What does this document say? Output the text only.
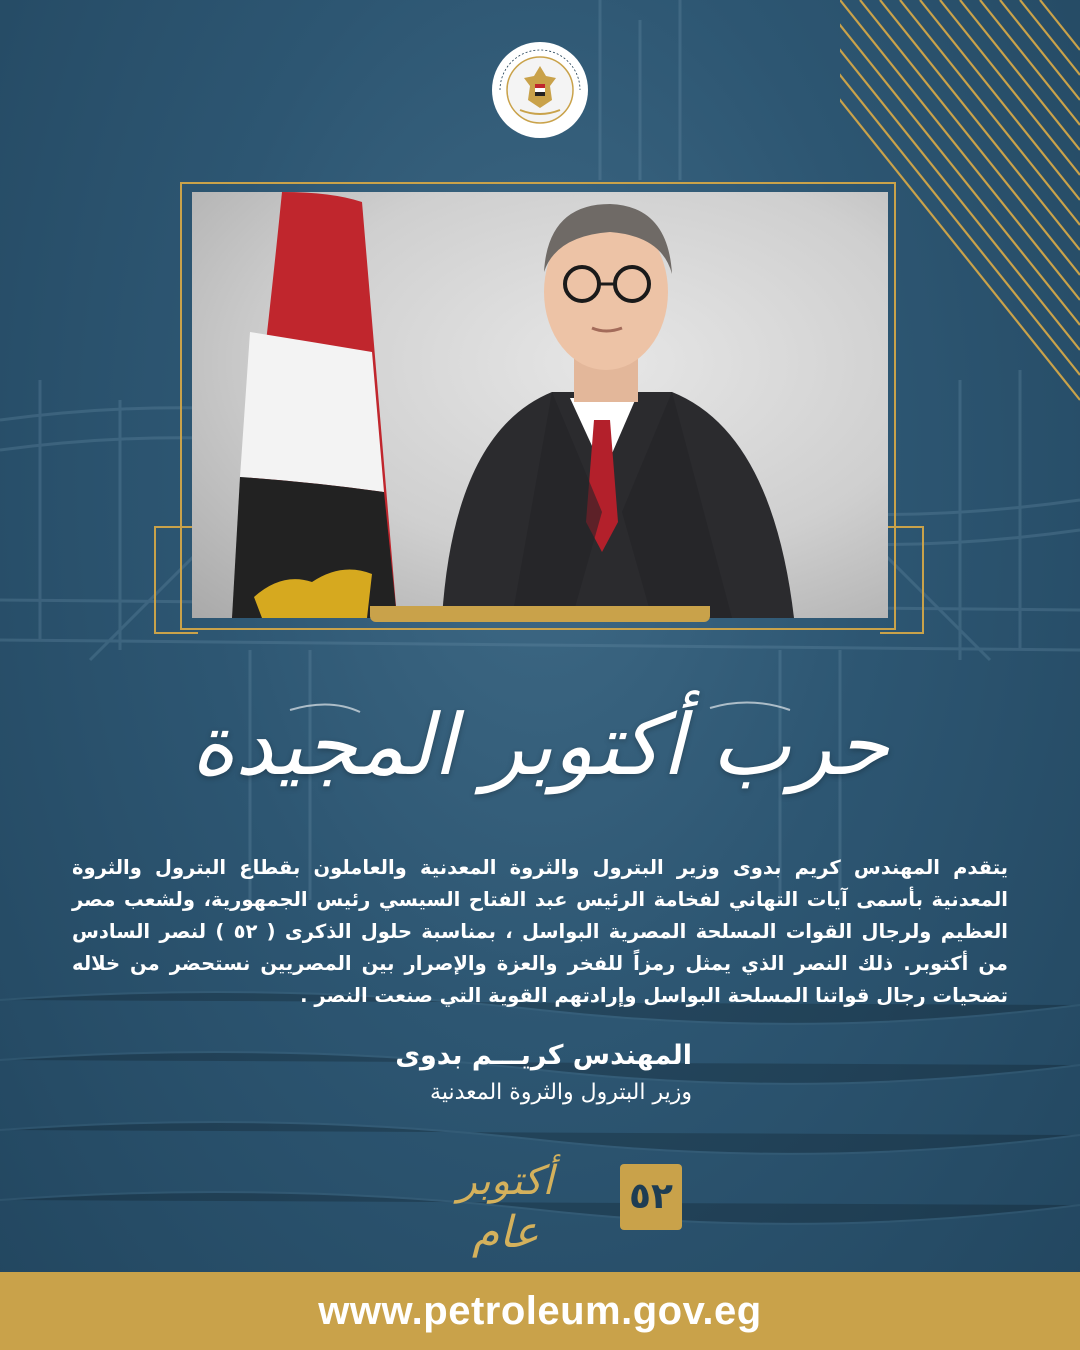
حرب أكتوبر المجيدة

يتقدم المهندس كريم بدوى وزير البترول والثروة المعدنية والعاملون بقطاع البترول والثروة المعدنية بأسمى آيات التهاني لفخامة الرئيس عبد الفتاح السيسي رئيس الجمهورية، ولشعب مصر العظيم ولرجال القوات المسلحة المصرية البواسل ، بمناسبة حلول الذكرى ( ٥٢ ) لنصر السادس من أكتوبر. ذلك النصر الذي يمثل رمزاً للفخر والعزة والإصرار بين المصريين نستحضر من خلاله تضحيات رجال قواتنا المسلحة البواسل وإرادتهم القوية التي صنعت النصر .

المهندس كريـــم بدوى
وزير البترول والثروة المعدنية
أكتوبر
عام
٥٢
www.petroleum.gov.eg
